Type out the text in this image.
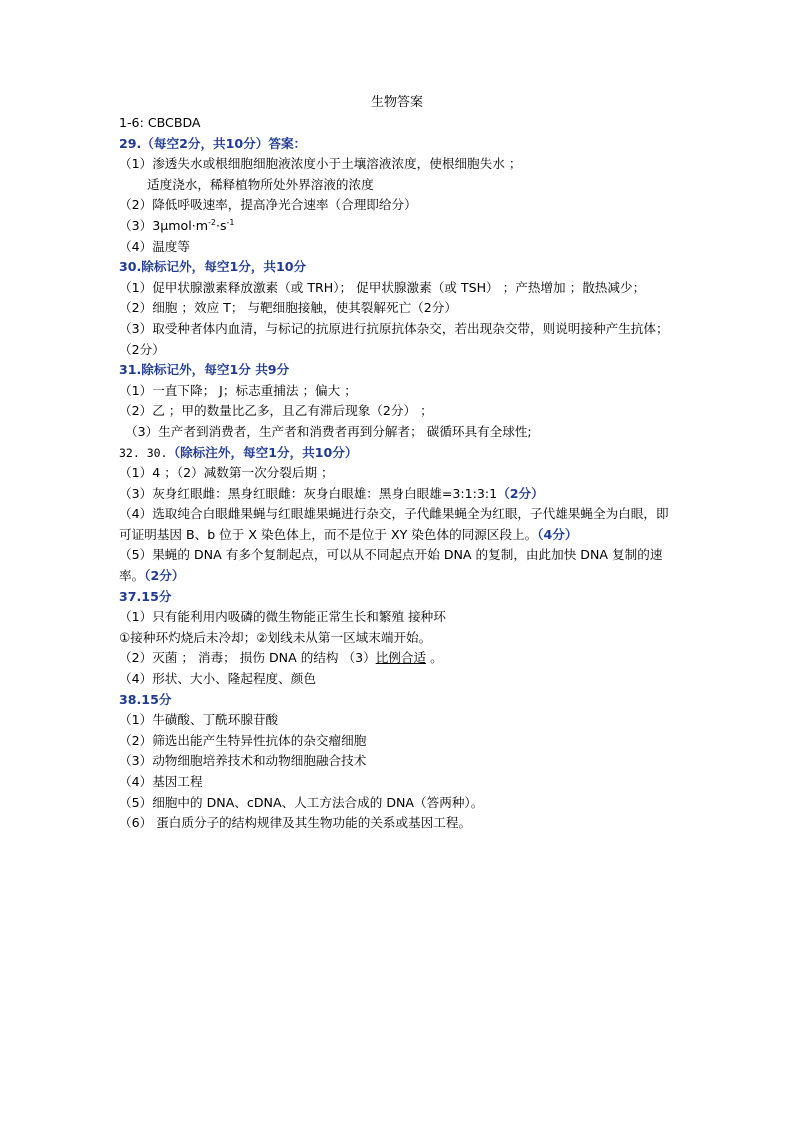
生物答案
1-6: CBCBDA
29.（每空2分，共10分）答案：
（1）渗透失水或根细胞细胞液浓度小于土壤溶液浓度，使根细胞失水 ；
适度浇水，稀释植物所处外界溶液的浓度
（2）降低呼吸速率，提高净光合速率（合理即给分）
$(3)3\mu mol\cdot m^{-2}\cdot s^{-1}$
（4）温度等
30.除标记外，每空1分，共10分
（1）促甲状腺激素释放激素（或 TRH）； 促甲状腺激素（或 TSH） ；产热增加 ；散热减少；
（2）细胞 ；效应 T； 与靶细胞接触，使其裂解死亡（2分）
（3）取受种者体内血清，与标记的抗原进行抗原抗体杂交，若出现杂交带，则说明接种产生抗体；（2分）
31.除标记外，每空1分 共9分
（1）一直下降； J；标志重捕法 ；偏大 ；
（2）乙 ；甲的数量比乙多，且乙有滞后现象（2分） ；
（3）生产者到消费者，生产者和消费者再到分解者； 碳循环具有全球性;
32. 30.（除标注外，每空1分，共10分）
（1）4 ；（2）减数第一次分裂后期 ；
（3）灰身红眼雌：黑身红眼雌：灰身白眼雄：黑身白眼雄=3:1:3:1（2分）
（4）选取纯合白眼雌果蝇与红眼雄果蝇进行杂交，子代雌果蝇全为红眼，子代雄果蝇全为白眼，即可证明基因 B、b 位于 X 染色体上，而不是位于 XY 染色体的同源区段上。（4分）
（5）果蝇的 DNA 有多个复制起点，可以从不同起点开始 DNA 的复制，由此加快 DNA 复制的速率。（2分）
37.15分
（1）只有能利用内吸磷的微生物能正常生长和繁殖 接种环
①接种环灼烧后未冷却；②划线未从第一区域末端开始。
（2）灭菌 ； 消毒； 损伤 DNA 的结构 （3）比例合适 。
（4）形状、大小、隆起程度、颜色
38.15分
（1）牛磺酸、丁酰环腺苷酸
（2）筛选出能产生特异性抗体的杂交瘤细胞
（3）动物细胞培养技术和动物细胞融合技术
（4）基因工程
（5）细胞中的 DNA、cDNA、人工方法合成的 DNA（答两种）。
（6） 蛋白质分子的结构规律及其生物功能的关系或基因工程。
